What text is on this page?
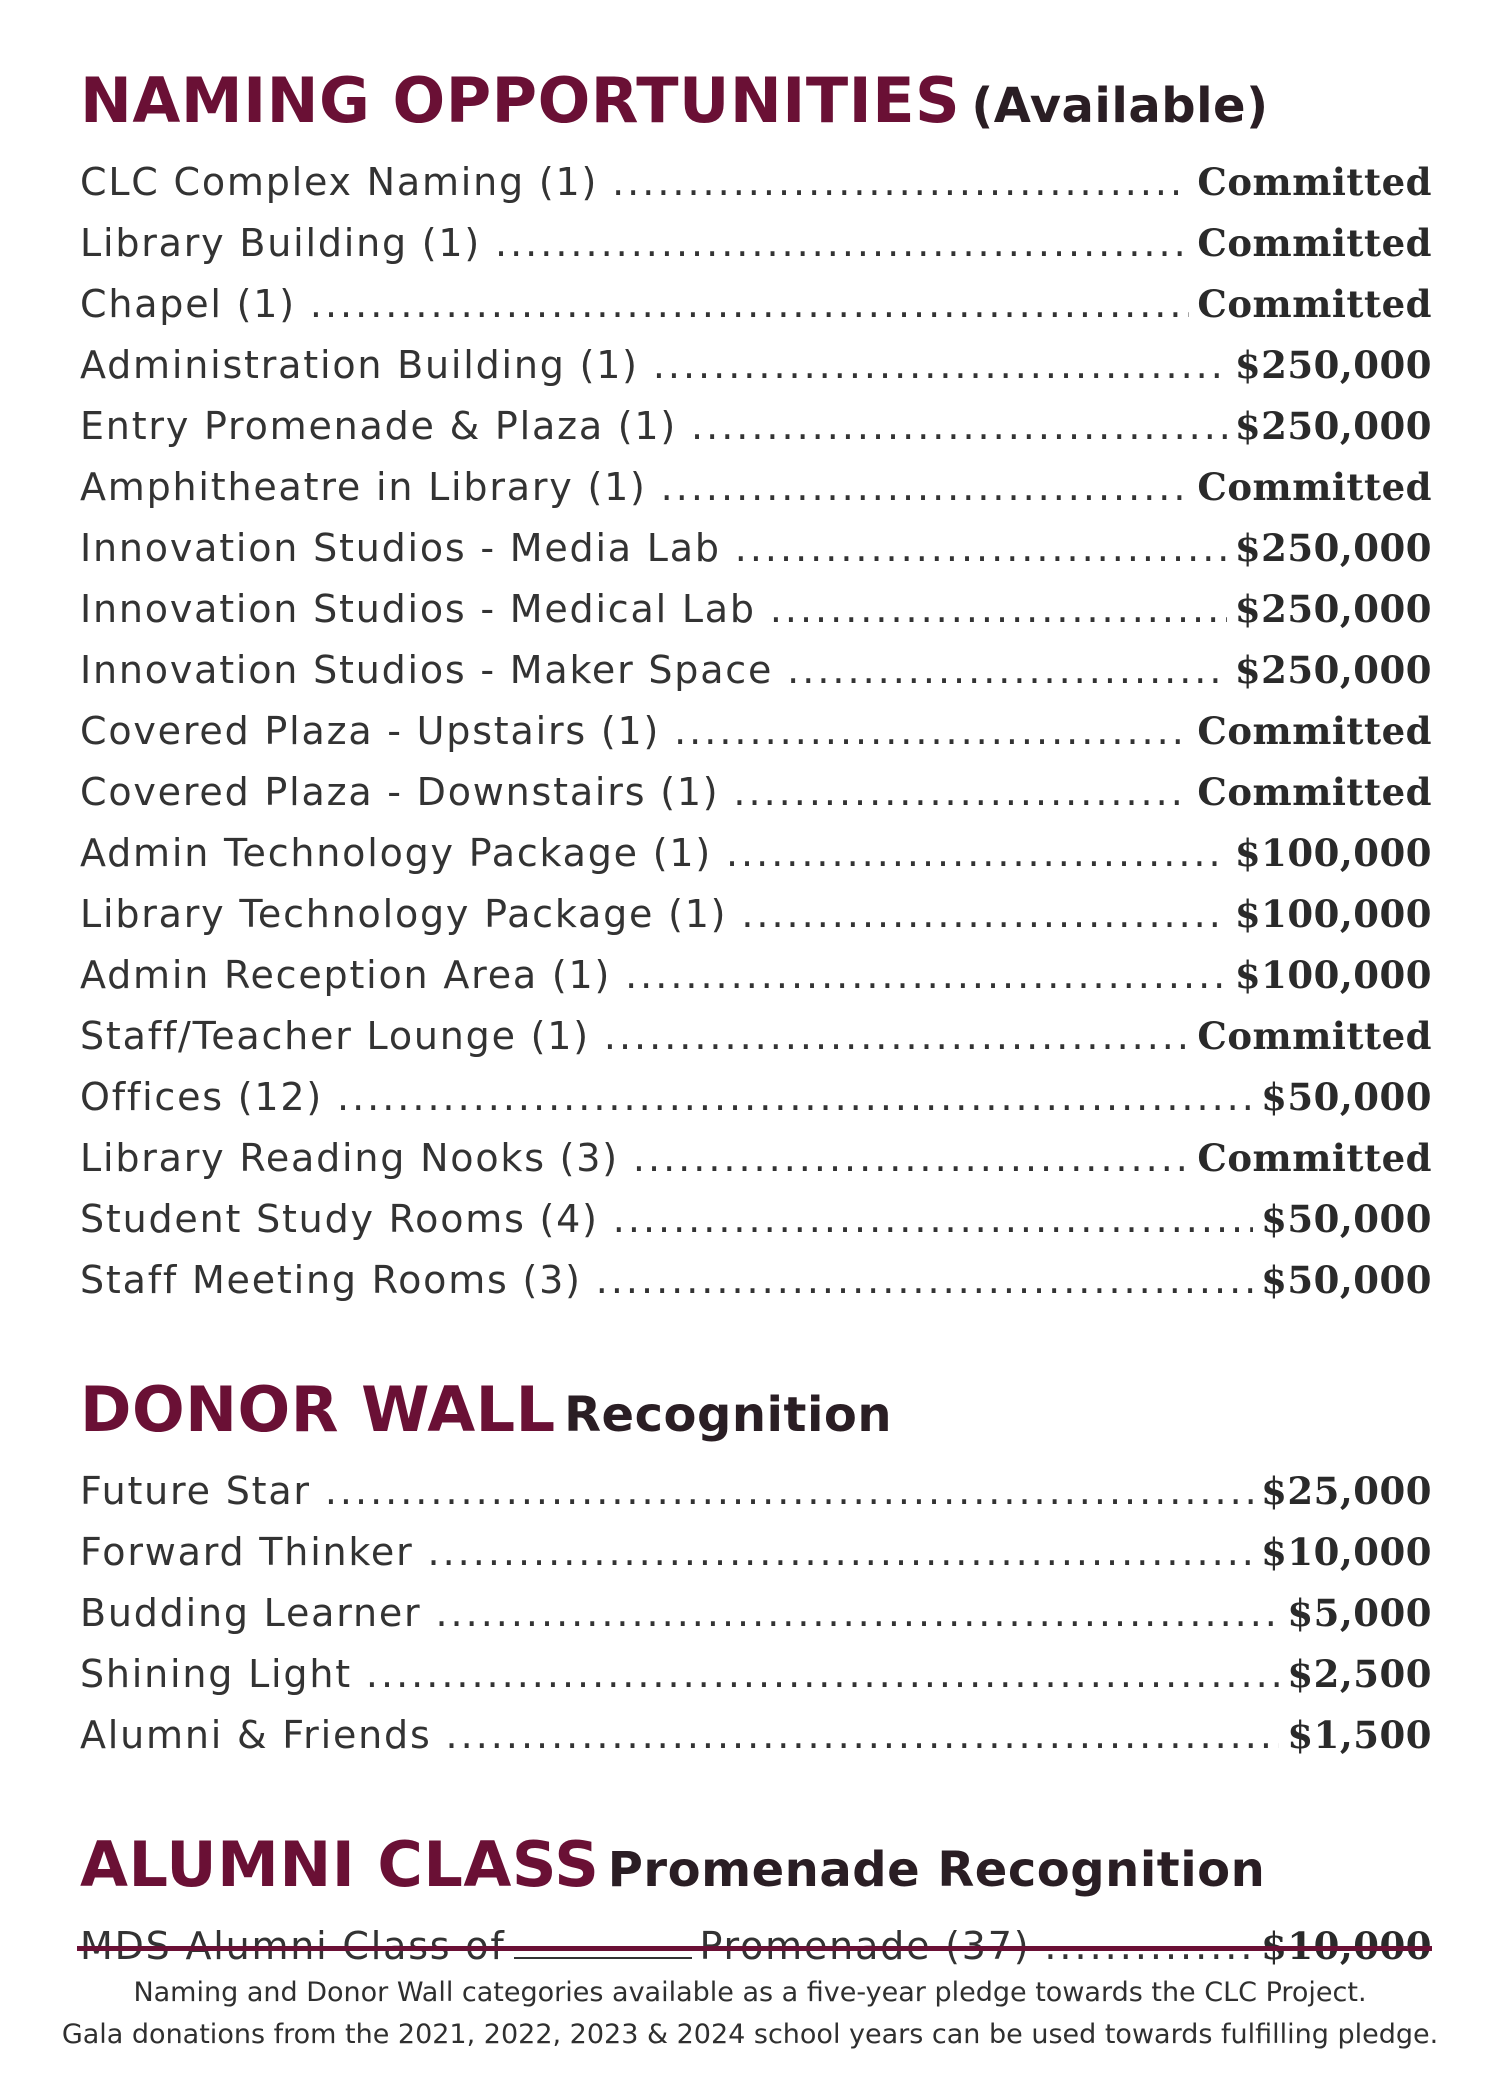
NAMING OPPORTUNITIES (Available)
CLC Complex Naming (1) .....	Committed
Library Building (1) .....	Committed
Chapel (1) .....	Committed
Administration Building (1) .....	$250,000
Entry Promenade & Plaza (1) .....	$250,000
Amphitheatre in Library (1) .....	Committed
Innovation Studios - Media Lab .....	$250,000
Innovation Studios - Medical Lab .....	$250,000
Innovation Studios - Maker Space .....	$250,000
Covered Plaza - Upstairs (1) .....	Committed
Covered Plaza - Downstairs (1) .....	Committed
Admin Technology Package (1) .....	$100,000
Library Technology Package (1) .....	$100,000
Admin Reception Area (1) .....	$100,000
Staff/Teacher Lounge (1) .....	Committed
Offices (12) .....	$50,000
Library Reading Nooks (3) .....	Committed
Student Study Rooms (4) .....	$50,000
Staff Meeting Rooms (3) .....	$50,000
DONOR WALL Recognition
Future Star .....	$25,000
Forward Thinker .....	$10,000
Budding Learner .....	$5,000
Shining Light .....	$2,500
Alumni & Friends .....	$1,500
ALUMNI CLASS Promenade Recognition
MDS Alumni Class of	Promenade (37) .....	$10,000
Naming and Donor Wall categories available as a five-year pledge towards the CLC Project.
Gala donations from the 2021, 2022, 2023 & 2024 school years can be used towards fulfilling pledge.
